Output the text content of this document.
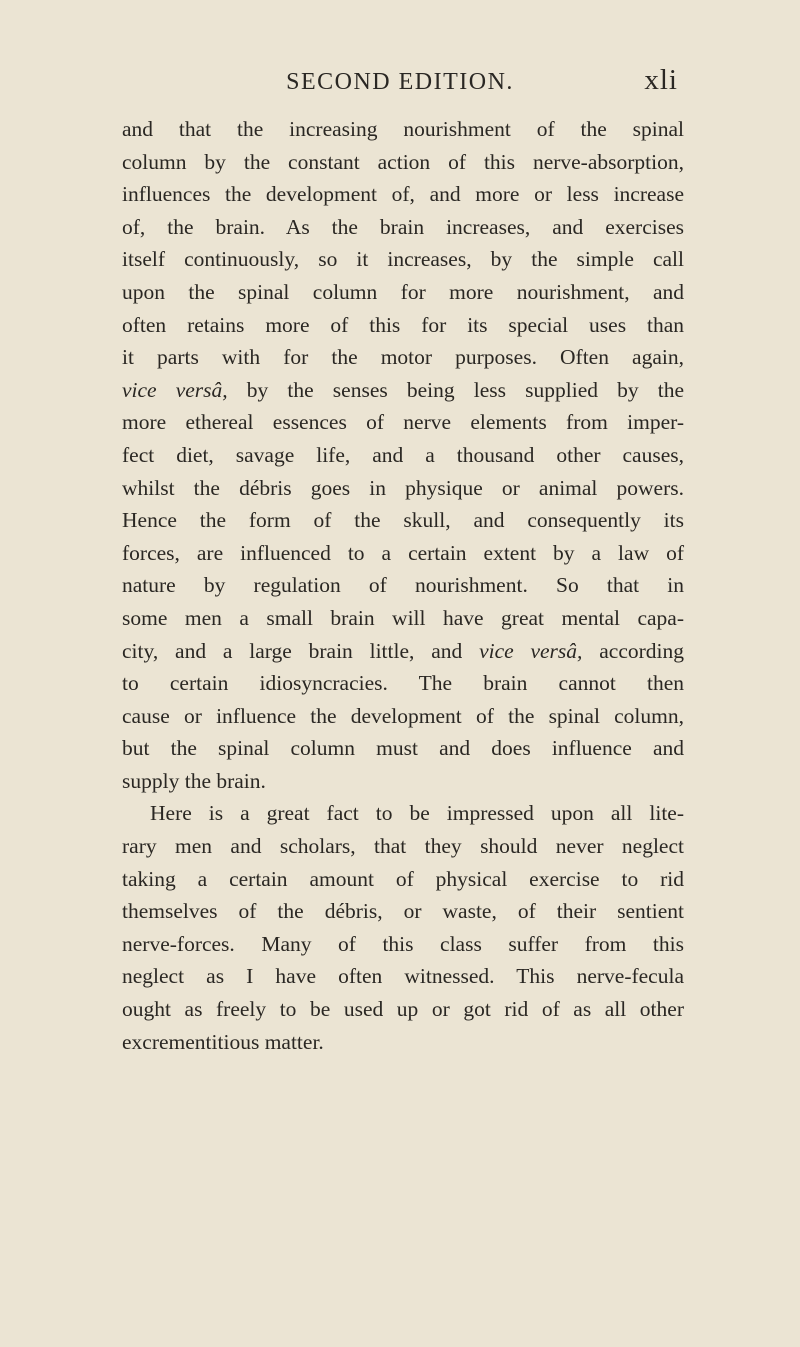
SECOND EDITION.	xli
and that the increasing nourishment of the spinal
column by the constant action of this nerve-absorption,
influences the development of, and more or less increase
of, the brain. As the brain increases, and exercises
itself continuously, so it increases, by the simple call
upon the spinal column for more nourishment, and
often retains more of this for its special uses than
it parts with for the motor purposes. Often again,
vice versâ, by the senses being less supplied by the
more ethereal essences of nerve elements from imper-
fect diet, savage life, and a thousand other causes,
whilst the débris goes in physique or animal powers.
Hence the form of the skull, and consequently its
forces, are influenced to a certain extent by a law of
nature by regulation of nourishment. So that in
some men a small brain will have great mental capa-
city, and a large brain little, and vice versâ, according
to certain idiosyncracies. The brain cannot then
cause or influence the development of the spinal column,
but the spinal column must and does influence and
supply the brain.
Here is a great fact to be impressed upon all lite-
rary men and scholars, that they should never neglect
taking a certain amount of physical exercise to rid
themselves of the débris, or waste, of their sentient
nerve-forces. Many of this class suffer from this
neglect as I have often witnessed. This nerve-fecula
ought as freely to be used up or got rid of as all other
excrementitious matter.
